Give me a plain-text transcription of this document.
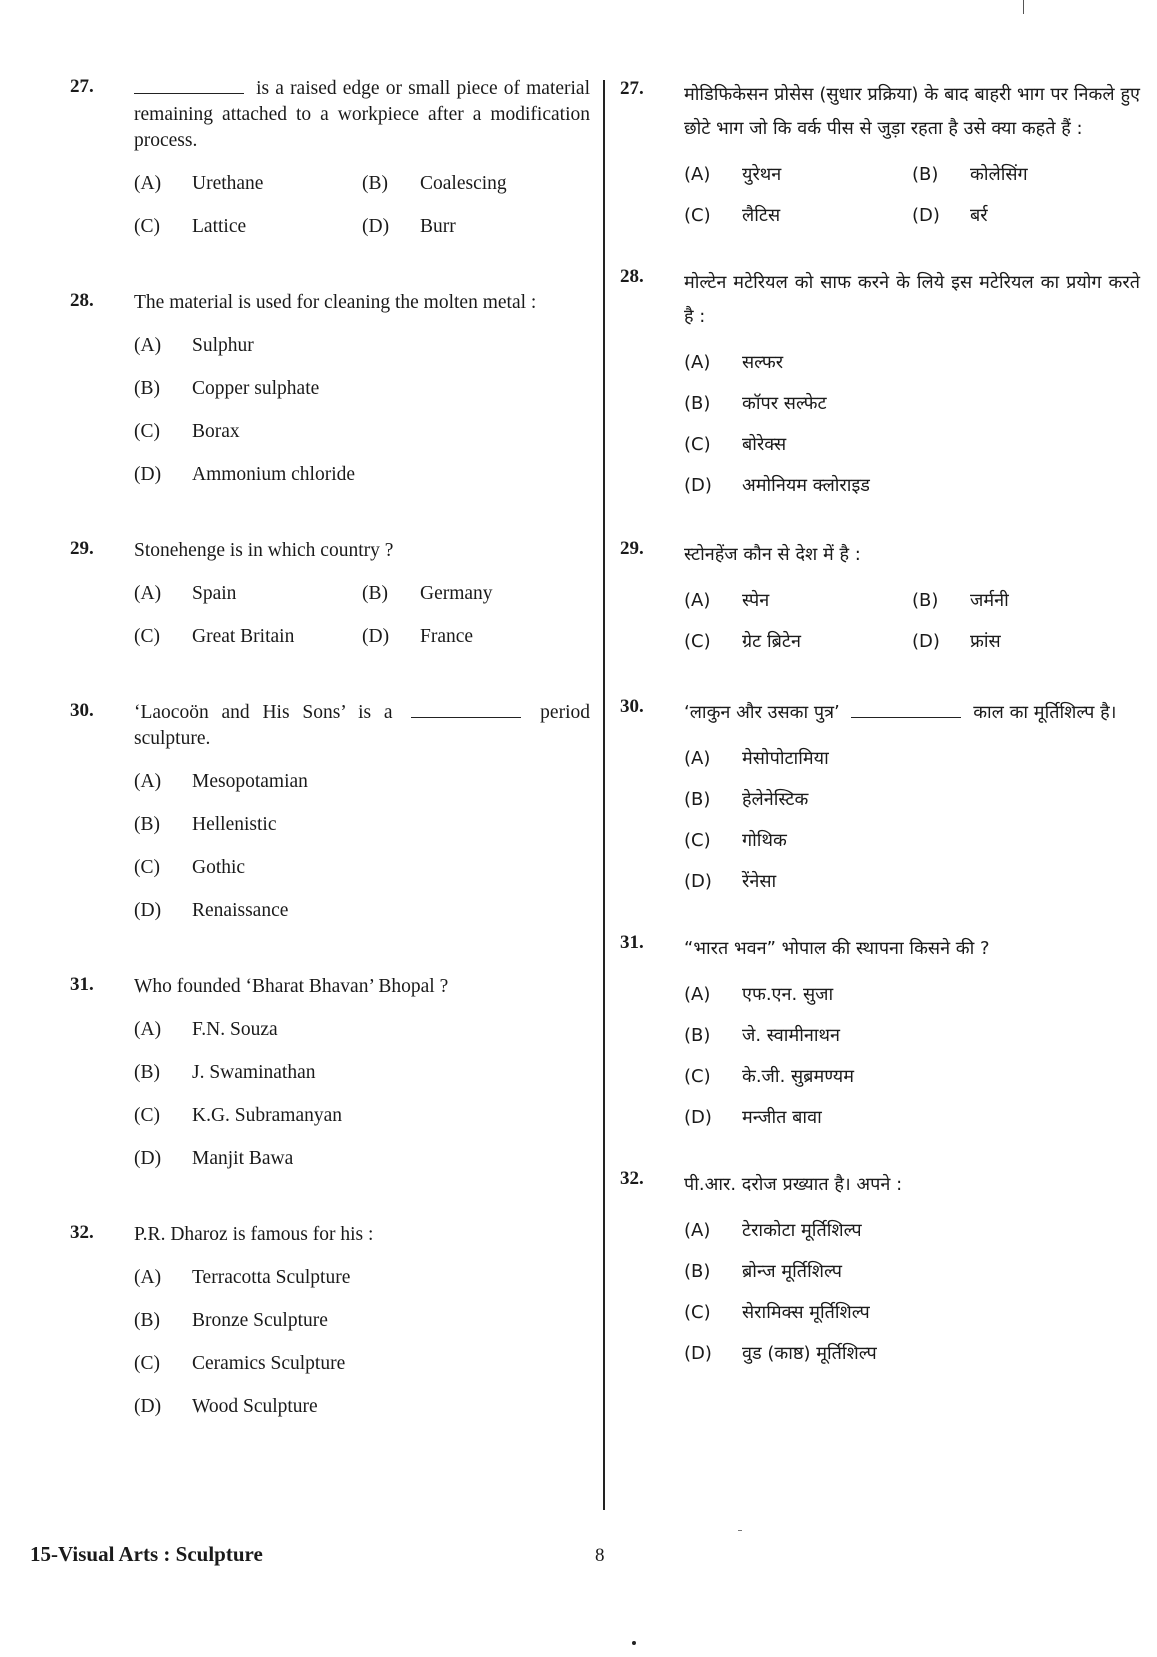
27.	is a raised edge or small piece of material remaining attached to a workpiece after a modification process.
(A)	Urethane	(B)	Coalescing
(C)	Lattice	(D)	Burr
28. The material is used for cleaning the molten metal :
(A)	Sulphur
(B)	Copper sulphate
(C)	Borax
(D)	Ammonium chloride
29. Stonehenge is in which country ?
(A)	Spain	(B)	Germany
(C)	Great Britain	(D)	France
30. ‘Laocoön and His Sons’ is a	period sculpture.
(A)	Mesopotamian
(B)	Hellenistic
(C)	Gothic
(D)	Renaissance
31. Who founded ‘Bharat Bhavan’ Bhopal ?
(A)	F.N. Souza
(B)	J. Swaminathan
(C)	K.G. Subramanyan
(D)	Manjit Bawa
32. P.R. Dharoz is famous for his :
(A)	Terracotta Sculpture
(B)	Bronze Sculpture
(C)	Ceramics Sculpture
(D)	Wood Sculpture
27. मोडिफिकेसन प्रोसेस (सुधार प्रक्रिया) के बाद बाहरी भाग पर निकले हुए छोटे भाग जो कि वर्क पीस से जुड़ा रहता है उसे क्या कहते हैं :
(A)	युरेथन	(B)	कोलेसिंग
(C)	लैटिस	(D)	बर्र
28. मोल्टेन मटेरियल को साफ करने के लिये इस मटेरियल का प्रयोग करते है :
(A)	सल्फर
(B)	कॉपर सल्फेट
(C)	बोरेक्स
(D)	अमोनियम क्लोराइड
29. स्टोनहेंज कौन से देश में है :
(A)	स्पेन	(B)	जर्मनी
(C)	ग्रेट ब्रिटेन	(D)	फ्रांस
30. ‘लाकुन और उसका पुत्र’	काल का मूर्तिशिल्प है।
(A)	मेसोपोटामिया
(B)	हेलेनेस्टिक
(C)	गोथिक
(D)	रेंनेसा
31. “भारत भवन” भोपाल की स्थापना किसने की ?
(A)	एफ.एन. सुजा
(B)	जे. स्वामीनाथन
(C)	के.जी. सुब्रमण्यम
(D)	मन्जीत बावा
32. पी.आर. दरोज प्रख्यात है। अपने :
(A)	टेराकोटा मूर्तिशिल्प
(B)	ब्रोन्ज मूर्तिशिल्प
(C)	सेरामिक्स मूर्तिशिल्प
(D)	वुड (काष्ठ) मूर्तिशिल्प
15-Visual Arts : Sculpture	8
